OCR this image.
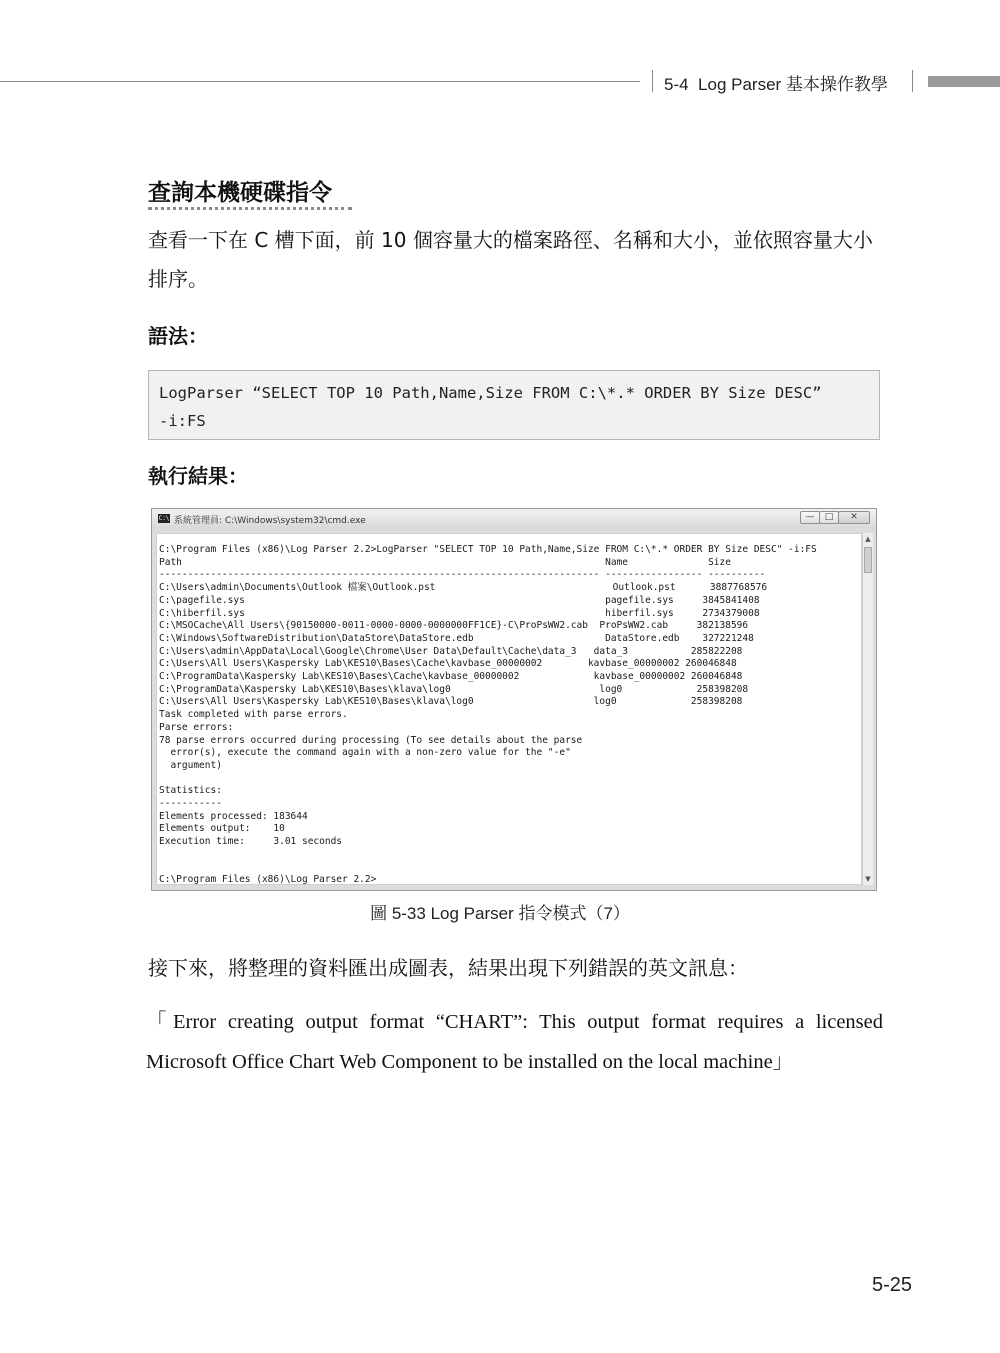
5-4 Log Parser 基本操作教學
查詢本機硬碟指令
查看一下在 C 槽下面，前 10 個容量大的檔案路徑、名稱和大小，並依照容量大小排序。
語法：
LogParser “SELECT TOP 10 Path,Name,Size FROM C:\*.* ORDER BY Size DESC”
-i:FS
執行結果：
C:\ 系統管理員: C:\Windows\system32\cmd.exe	—	□	✕
C:\Program Files (x86)\Log Parser 2.2>LogParser "SELECT TOP 10 Path,Name,Size FROM C:\*.* ORDER BY Size DESC" -i:FS
Path                                                                          Name              Size
----------------------------------------------------------------------------- ----------------- ----------
C:\Users\admin\Documents\Outlook 檔案\Outlook.pst                               Outlook.pst      3887768576
C:\pagefile.sys                                                               pagefile.sys     3845841408
C:\hiberfil.sys                                                               hiberfil.sys     2734379008
C:\MSOCache\All Users\{90150000-0011-0000-0000-0000000FF1CE}-C\ProPsWW2.cab  ProPsWW2.cab     382138596
C:\Windows\SoftwareDistribution\DataStore\DataStore.edb                       DataStore.edb    327221248
C:\Users\admin\AppData\Local\Google\Chrome\User Data\Default\Cache\data_3   data_3           285822208
C:\Users\All Users\Kaspersky Lab\KES10\Bases\Cache\kavbase_00000002        kavbase_00000002 260046848
C:\ProgramData\Kaspersky Lab\KES10\Bases\Cache\kavbase_00000002             kavbase_00000002 260046848
C:\ProgramData\Kaspersky Lab\KES10\Bases\klava\log0                          log0             258398208
C:\Users\All Users\Kaspersky Lab\KES10\Bases\klava\log0                     log0             258398208
Task completed with parse errors.
Parse errors:
78 parse errors occurred during processing (To see details about the parse
error(s), execute the command again with a non-zero value for the "-e"
argument)

Statistics:
-----------
Elements processed: 183644
Elements output:    10
Execution time:     3.01 seconds

C:\Program Files (x86)\Log Parser 2.2>
▲
▼
圖 5-33 Log Parser 指令模式（7）
接下來，將整理的資料匯出成圖表，結果出現下列錯誤的英文訊息：
「Error creating output format “CHART”: This output format requires a licensed Microsoft Office Chart Web Component to be installed on the local machine」
5-25
